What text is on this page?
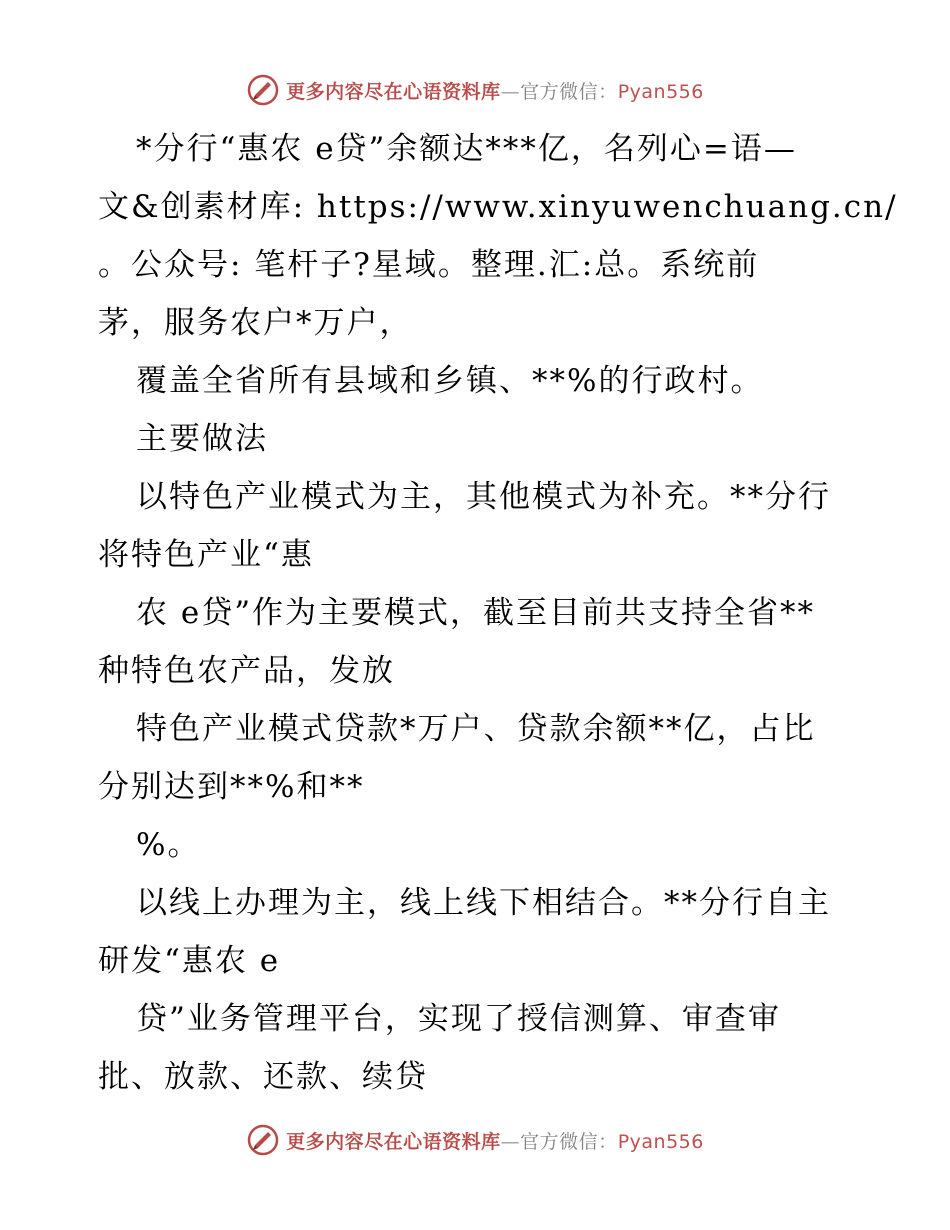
更多内容尽在心语资料库—官方微信：Pyan556
*分行“惠农 e贷”余额达***亿，名列心=语—
文&创素材库: https://www.xinyuwenchuang.cn/
。公众号: 笔杆子?星域。整理.汇:总。系统前
茅，服务农户*万户，
覆盖全省所有县域和乡镇、**%的行政村。
主要做法
以特色产业模式为主，其他模式为补充。**分行
将特色产业“惠
农 e贷”作为主要模式，截至目前共支持全省**
种特色农产品，发放
特色产业模式贷款*万户、贷款余额**亿，占比
分别达到**%和**
%。
以线上办理为主，线上线下相结合。**分行自主
研发“惠农 e
贷”业务管理平台，实现了授信测算、审查审
批、放款、还款、续贷
更多内容尽在心语资料库—官方微信：Pyan556
